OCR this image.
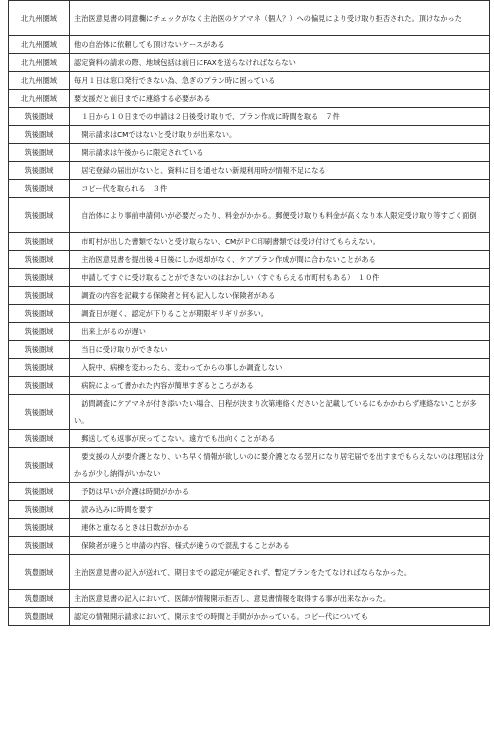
北九州圏域	主治医意見書の同意欄にチェックがなく主治医のケアマネ（個人？）への偏見により受け取り拒否された。頂けなかった
北九州圏域	他の自治体に依頼しても頂けないケースがある
北九州圏域	認定資料の請求の際、地域包括は前日にFAXを送らなければならない
北九州圏域	毎月１日は窓口発行できない為、急ぎのプラン時に困っている
北九州圏域	要支援だと前日までに連絡する必要がある
筑後圏域	　１日から１０日までの申請は２日後受け取りで、プラン作成に時間を取る　７件
筑後圏域	　開示請求はCMではないと受け取りが出来ない。
筑後圏域	　開示請求は午後からに限定されている
筑後圏域	　居宅登録の届出がないと、資料に目を通せない新規利用時が情報不足になる
筑後圏域	　コピー代を取られる　３件
筑後圏域	　自治体により事前申請伺いが必要だったり、料金がかかる。郵便受け取りも料金が高くなり本人限定受け取り等すごく面倒
筑後圏域	　市町村が出した書類でないと受け取らない、CMがＰＣ印刷書類では受け付けてもらえない。
筑後圏域	　主治医意見書を提出後４日後にしか返却がなく、ケアプラン作成が間に合わないことがある
筑後圏域	　申請してすぐに受け取ることができないのはおかしい（すぐもらえる市町村もある）　１０件
筑後圏域	　調査の内容を記載する保険者と何も記入しない保険者がある
筑後圏域	　調査日が遅く、認定が下りることが期限ギリギリが多い。
筑後圏域	　出来上がるのが遅い
筑後圏域	　当日に受け取りができない
筑後圏域	　入院中、病棟を変わったら、変わってからの事しか調査しない
筑後圏域	　病院によって書かれた内容が簡単すぎるところがある
筑後圏域	　訪問調査にケアマネが付き添いたい場合、日程が決まり次第連絡くださいと記載しているにもかかわらず連絡ないことが多い。
筑後圏域	　郵送しても返事が戻ってこない。遠方でも出向くことがある
筑後圏域	　要支援の人が要介護となり、いち早く情報が欲しいのに要介護となる翌月になり居宅届でを出すまでもらえないのは理屈は分かるが少し納得がいかない
筑後圏域	　予防は早いが介護は時間がかかる
筑後圏域	　読み込みに時間を要す
筑後圏域	　連休と重なるときは日数がかかる
筑後圏域	　保険者が違うと申請の内容、様式が違うので混乱することがある
筑豊圏域	主治医意見書の記入が送れて、期日までの認定が確定されず、暫定プランをたてなければならなかった。
筑豊圏域	主治医意見書の記入において、医師が情報開示拒否し、意見書情報を取得する事が出来なかった。
筑豊圏域	認定の情報開示請求において、開示までの時間と手間がかかっている。コピー代についても
